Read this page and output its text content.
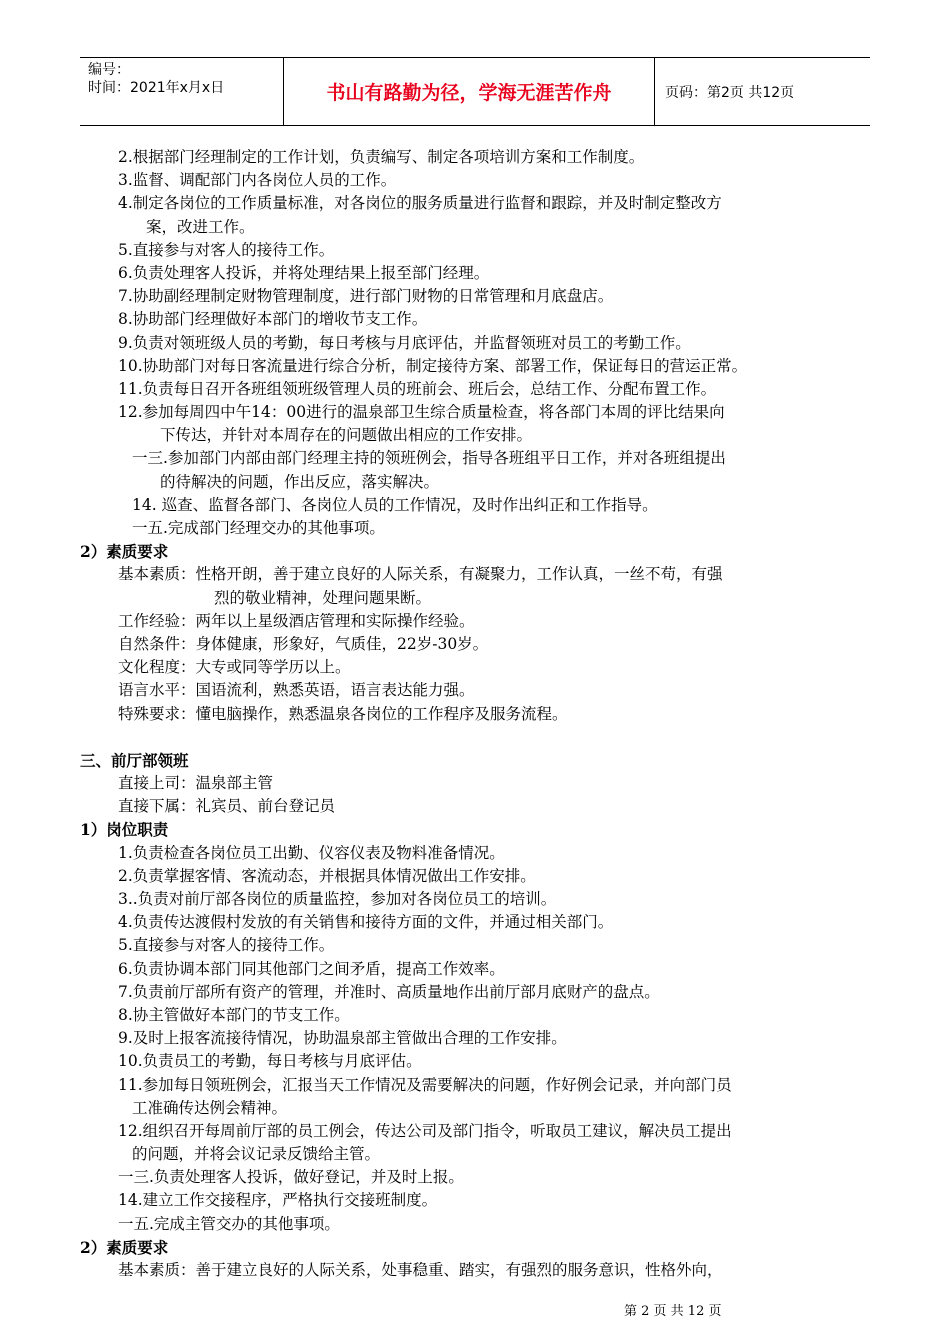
编号：
时间：2021年x月x日	书山有路勤为径，学海无涯苦作舟	页码：第2页 共12页
2.根据部门经理制定的工作计划，负责编写、制定各项培训方案和工作制度。
3.监督、调配部门内各岗位人员的工作。
4.制定各岗位的工作质量标准，对各岗位的服务质量进行监督和跟踪，并及时制定整改方
案，改进工作。
5.直接参与对客人的接待工作。
6.负责处理客人投诉，并将处理结果上报至部门经理。
7.协助副经理制定财物管理制度，进行部门财物的日常管理和月底盘店。
8.协助部门经理做好本部门的增收节支工作。
9.负责对领班级人员的考勤，每日考核与月底评估，并监督领班对员工的考勤工作。
10.协助部门对每日客流量进行综合分析，制定接待方案、部署工作，保证每日的营运正常。
11.负责每日召开各班组领班级管理人员的班前会、班后会，总结工作、分配布置工作。
12.参加每周四中午14：00进行的温泉部卫生综合质量检查，将各部门本周的评比结果向
下传达，并针对本周存在的问题做出相应的工作安排。
一三.参加部门内部由部门经理主持的领班例会，指导各班组平日工作，并对各班组提出
的待解决的问题，作出反应，落实解决。
14. 巡查、监督各部门、各岗位人员的工作情况，及时作出纠正和工作指导。
一五.完成部门经理交办的其他事项。
2）素质要求
基本素质：性格开朗，善于建立良好的人际关系，有凝聚力，工作认真，一丝不苟，有强
烈的敬业精神，处理问题果断。
工作经验：两年以上星级酒店管理和实际操作经验。
自然条件：身体健康，形象好，气质佳，22岁-30岁。
文化程度：大专或同等学历以上。
语言水平：国语流利，熟悉英语，语言表达能力强。
特殊要求：懂电脑操作，熟悉温泉各岗位的工作程序及服务流程。
三、前厅部领班
直接上司：温泉部主管
直接下属：礼宾员、前台登记员
1）岗位职责
1.负责检查各岗位员工出勤、仪容仪表及物料准备情况。
2.负责掌握客情、客流动态，并根据具体情况做出工作安排。
3..负责对前厅部各岗位的质量监控，参加对各岗位员工的培训。
4.负责传达渡假村发放的有关销售和接待方面的文件，并通过相关部门。
5.直接参与对客人的接待工作。
6.负责协调本部门同其他部门之间矛盾，提高工作效率。
7.负责前厅部所有资产的管理，并准时、高质量地作出前厅部月底财产的盘点。
8.协主管做好本部门的节支工作。
9.及时上报客流接待情况，协助温泉部主管做出合理的工作安排。
10.负责员工的考勤，每日考核与月底评估。
11.参加每日领班例会，汇报当天工作情况及需要解决的问题，作好例会记录，并向部门员
工准确传达例会精神。
12.组织召开每周前厅部的员工例会，传达公司及部门指令，听取员工建议，解决员工提出
的问题，并将会议记录反馈给主管。
一三.负责处理客人投诉，做好登记，并及时上报。
14.建立工作交接程序，严格执行交接班制度。
一五.完成主管交办的其他事项。
2）素质要求
基本素质：善于建立良好的人际关系，处事稳重、踏实，有强烈的服务意识，性格外向，
第 2 页 共 12 页
